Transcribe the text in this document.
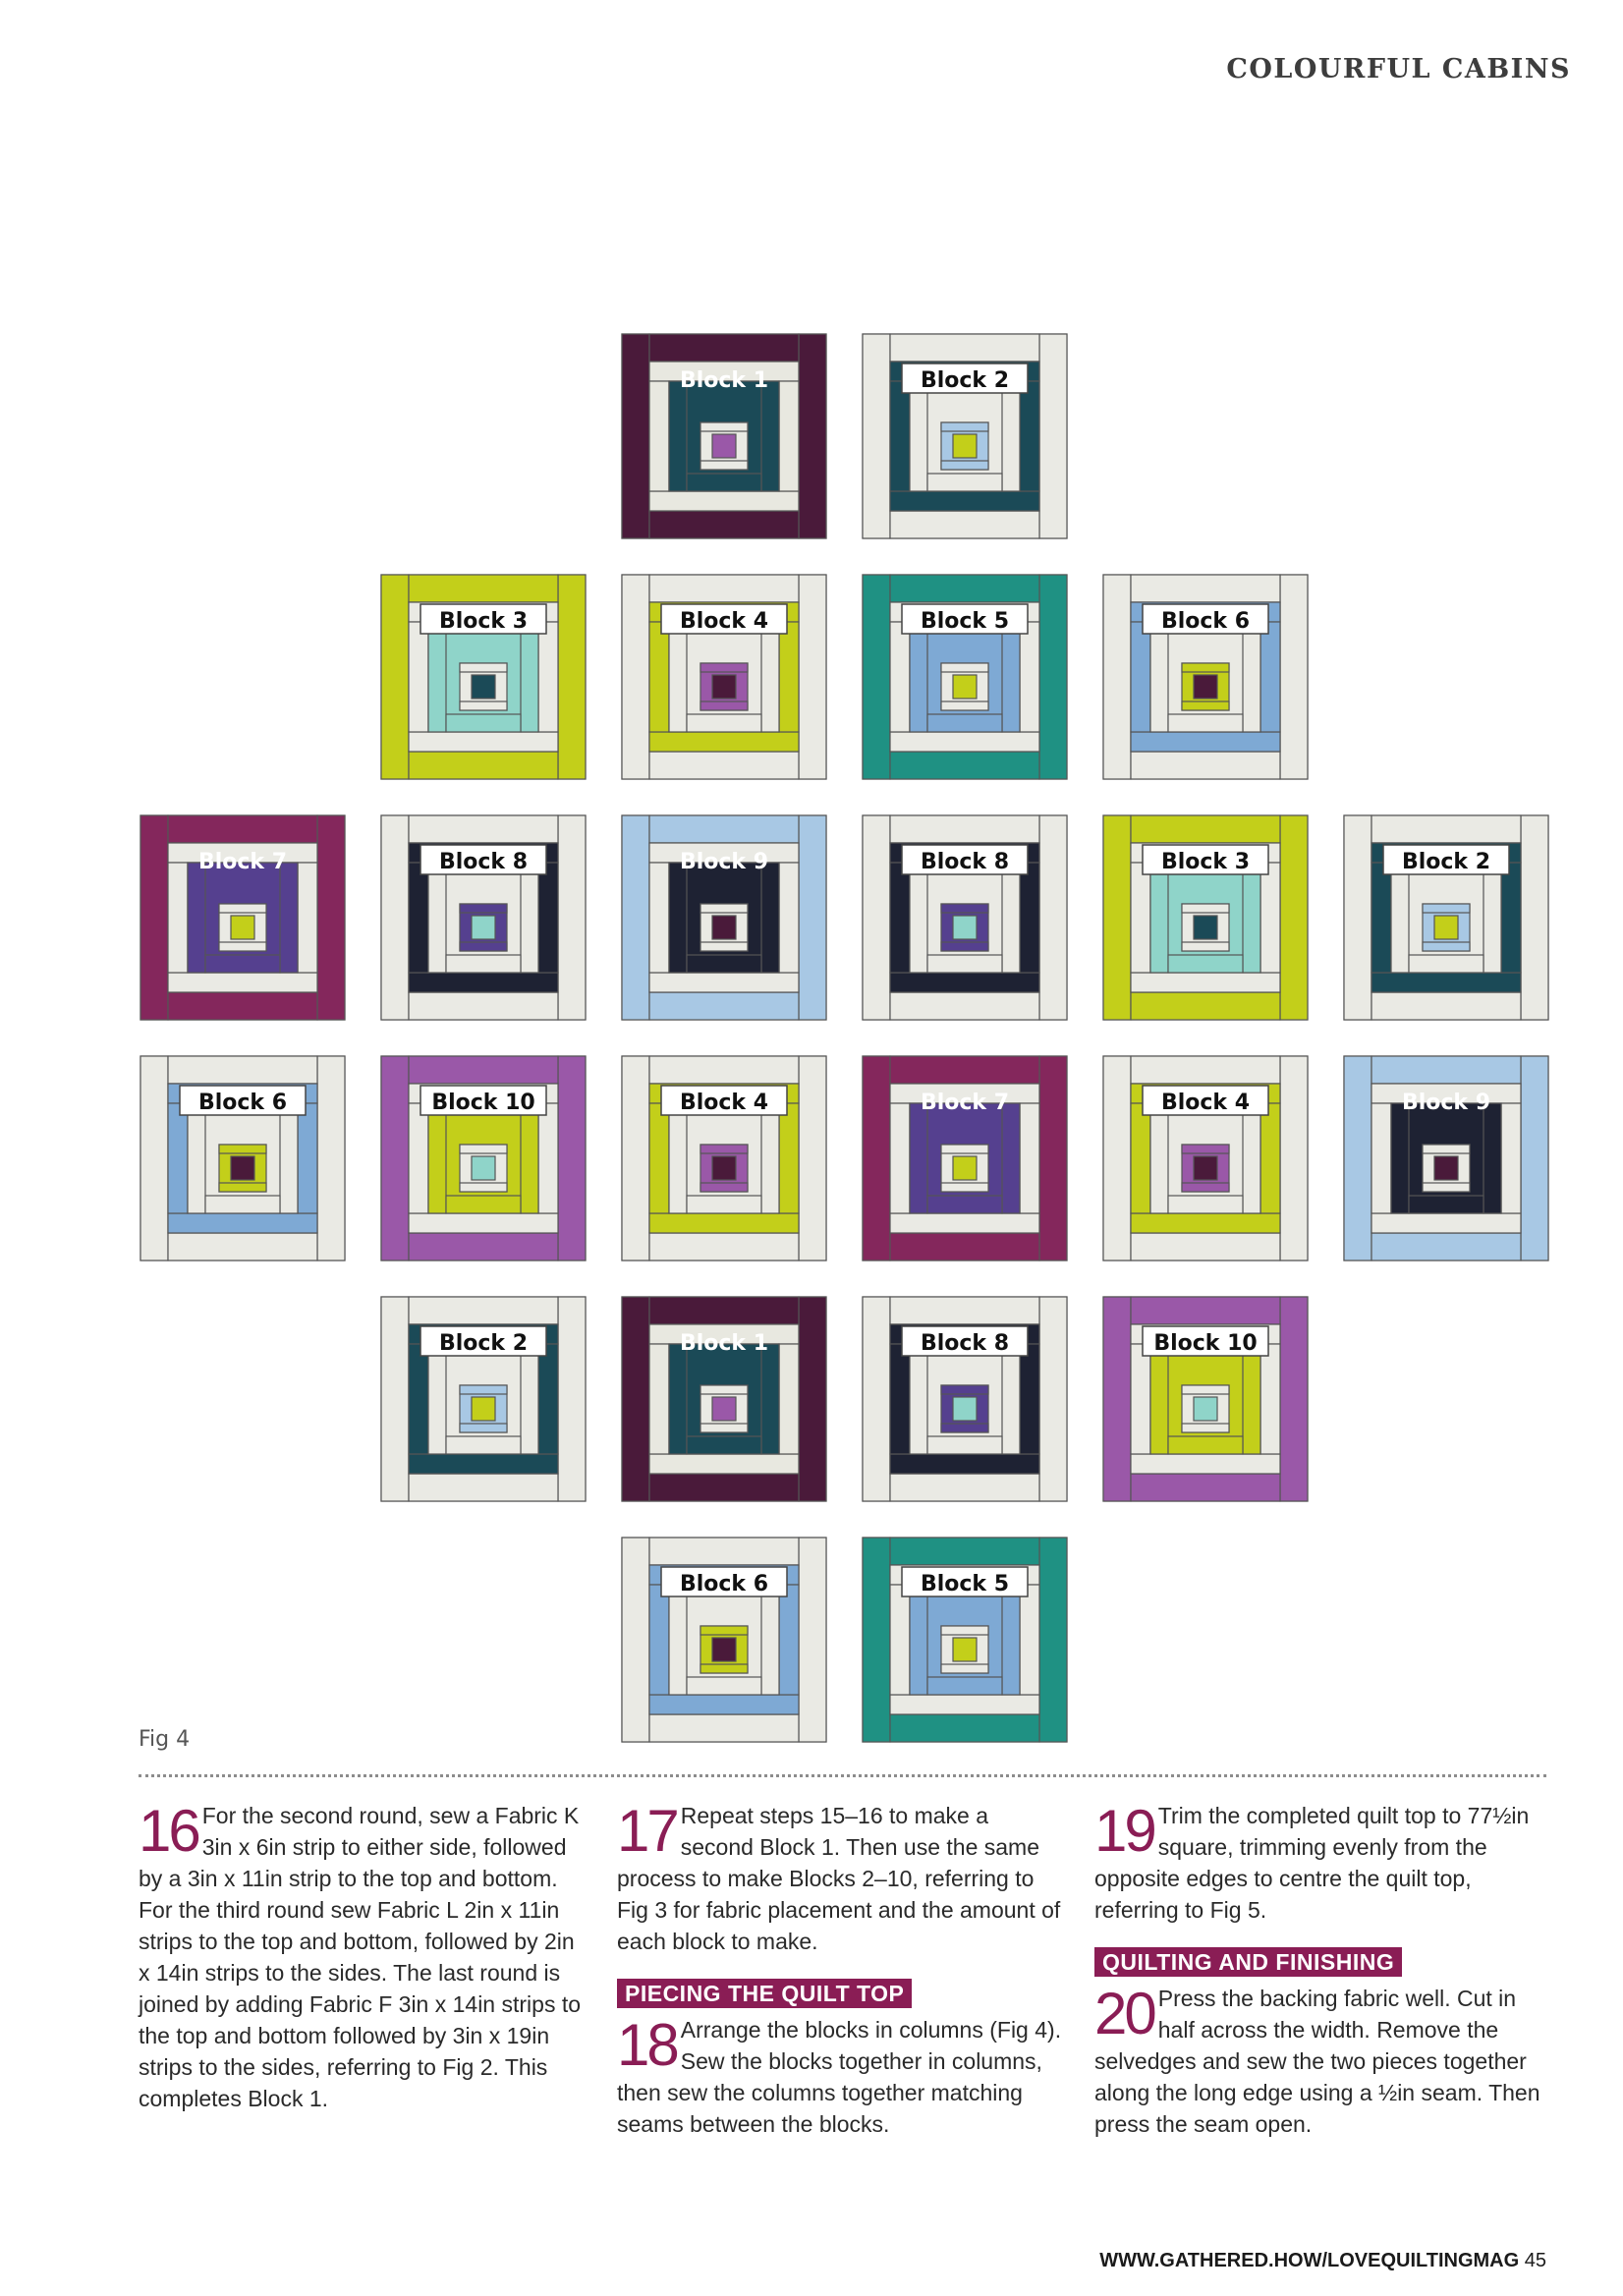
COLOURFUL CABINS
Block 1	Block 2
Block 3	Block 4	Block 5	Block 6
Block 7	Block 8	Block 9	Block 8	Block 3	Block 2
Block 6	Block 10	Block 4	Block 7	Block 4	Block 9
Block 2	Block 1	Block 8	Block 10
Block 6	Block 5
Fig 4

16 For the second round, sew a Fabric K 3in x 6in strip to either side, followed by a 3in x 11in strip to the top and bottom. For the third round sew Fabric L 2in x 11in strips to the top and bottom, followed by 2in x 14in strips to the sides. The last round is joined by adding Fabric F 3in x 14in strips to the top and bottom followed by 3in x 19in strips to the sides, referring to Fig 2. This completes Block 1.

17 Repeat steps 15–16 to make a second Block 1. Then use the same process to make Blocks 2–10, referring to Fig 3 for fabric placement and the amount of each block to make.

PIECING THE QUILT TOP

18 Arrange the blocks in columns (Fig 4). Sew the blocks together in columns, then sew the columns together matching seams between the blocks.

19 Trim the completed quilt top to 77½in square, trimming evenly from the opposite edges to centre the quilt top, referring to Fig 5.

QUILTING AND FINISHING

20 Press the backing fabric well. Cut in half across the width. Remove the selvedges and sew the two pieces together along the long edge using a ½in seam. Then press the seam open.

WWW.GATHERED.HOW/LOVEQUILTINGMAG 45
